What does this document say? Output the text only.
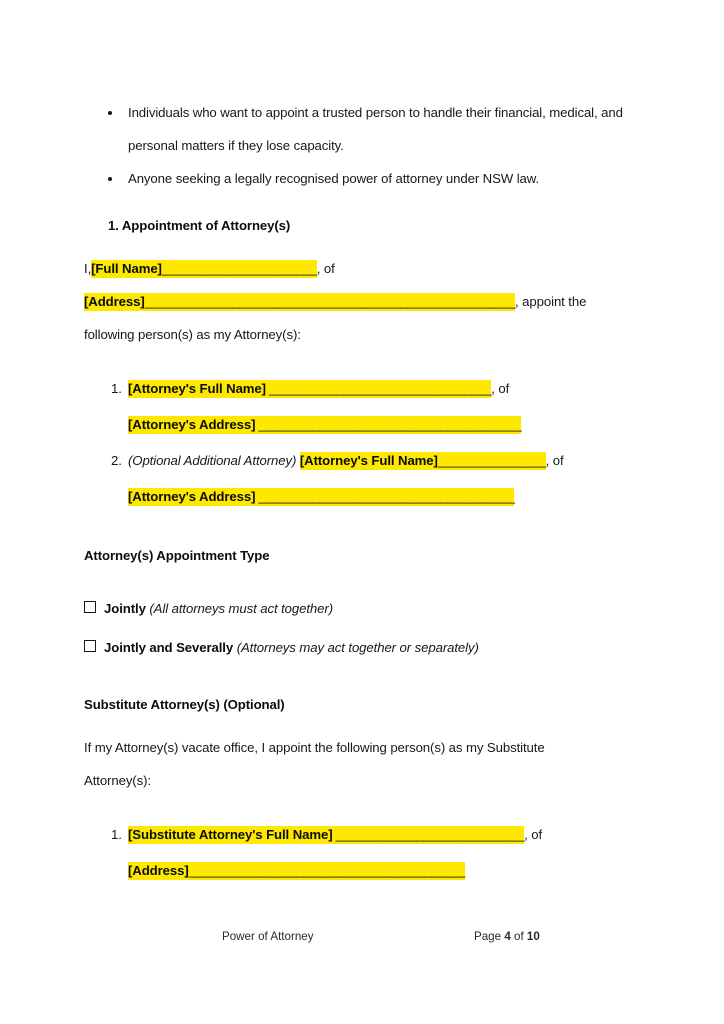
Individuals who want to appoint a trusted person to handle their financial, medical, and personal matters if they lose capacity.
Anyone seeking a legally recognised power of attorney under NSW law.

1. Appointment of Attorney(s)

I,[Full Name]_______________________, of

[Address]_______________________________________________________, appoint the

following person(s) as my Attorney(s):

1. [Attorney's Full Name] _________________________________, of
[Attorney's Address] _______________________________________
2. (Optional Additional Attorney) [Attorney's Full Name]________________, of
[Attorney's Address] ______________________________________

Attorney(s) Appointment Type

Jointly (All attorneys must act together)
Jointly and Severally (Attorneys may act together or separately)

Substitute Attorney(s) (Optional)

If my Attorney(s) vacate office, I appoint the following person(s) as my Substitute

Attorney(s):

1. [Substitute Attorney's Full Name] ____________________________, of
[Address]_________________________________________
Power of Attorney	Page 4 of 10
